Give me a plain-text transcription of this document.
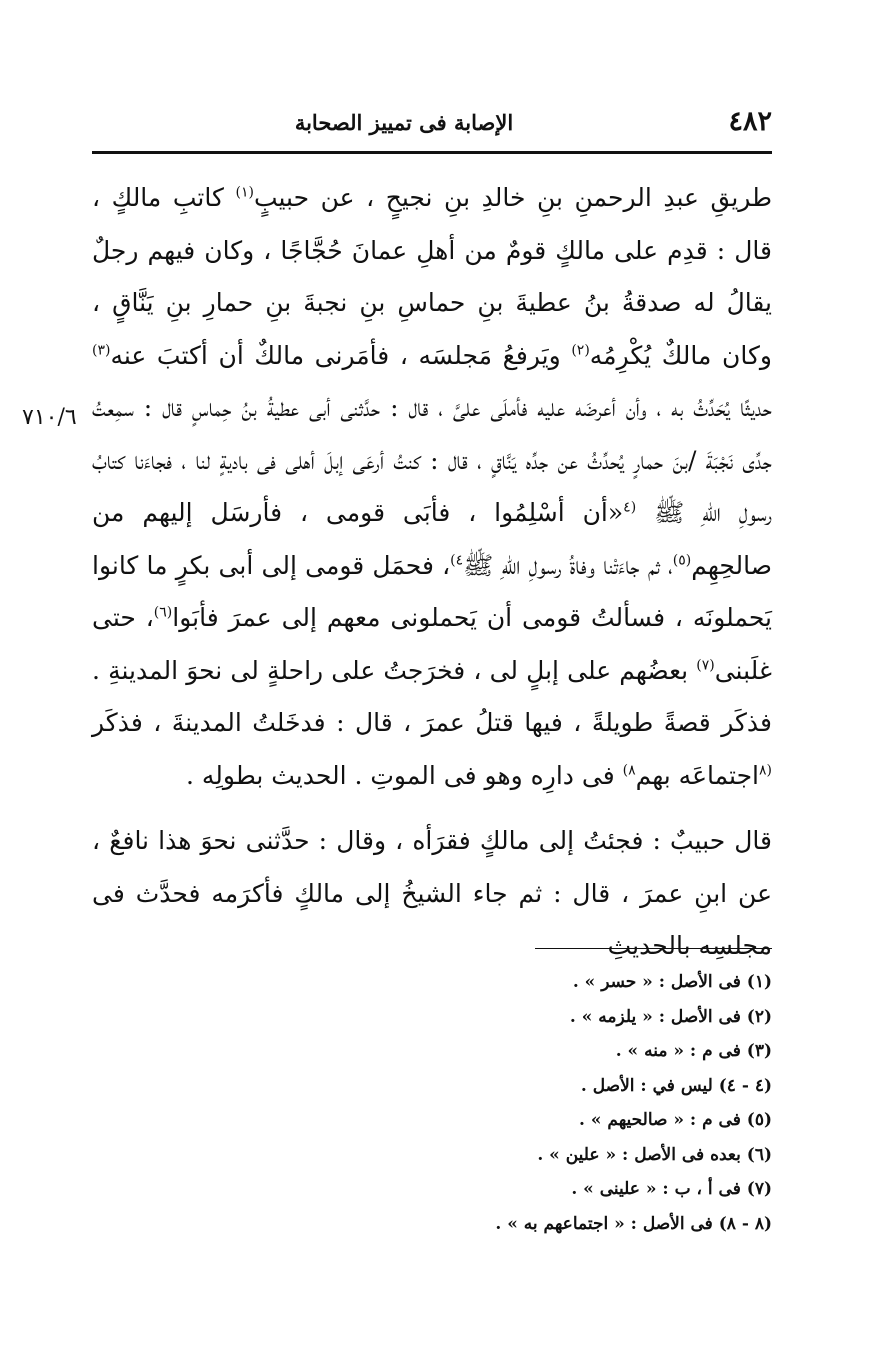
٤٨٢
الإصابة فى تمييز الصحابة
٧١٠/٦

طريقِ عبدِ الرحمنِ بنِ خالدِ بنِ نجيحٍ ، عن حبيبٍ$^{(١)}$ كاتبِ مالكٍ ، قال : قدِم على مالكٍ قومٌ من أهلِ عمانَ حُجَّاجًا ، وكان فيهم رجلٌ يقالُ له صدقةُ بنُ عطيةَ بنِ حماسِ بنِ نجبةَ بنِ حمارِ بنِ يَنَّاقٍ ، وكان مالكٌ يُكْرِمُه$^{(٢)}$ ويَرفعُ مَجلسَه ، فأمَرنى مالكٌ أن أكتبَ عنه$^{(٣)}$ حديثًا يُحَدِّثُ به ، وأن أعرضَه عليه فأملَى علىَّ ، قال : حدَّثنى أبى عطيةُ بنُ حِماسٍ قال : سمِعتُ جدِّى نَجْبَةَ /بنَ حمارٍ يُحدِّثُ عن جدِّه يَنَّاقٍ ، قال : كنتُ أرعَى إبلَ أهلى فى باديةٍ لنا ، فجاءَنا كتابُ رسولِ اللهِ ﷺ $^{(٤}$«أن أسْلِمُوا ، فأبَى قومى ، فأرسَل إليهم من صالحِهِم$^{(٥)}$، ثم جاءَتْنا وفاةُ رسولِ اللهِ ﷺ$^{٤)}$، فحمَل قومى إلى أبى بكرٍ ما كانوا يَحملونَه ، فسألتُ قومى أن يَحملونى معهم إلى عمرَ فأبَوا$^{(٦)}$، حتى غلَبنى$^{(٧)}$ بعضُهم على إبلٍ لى ، فخرَجتُ على راحلةٍ لى نحوَ المدينةِ . فذكَر قصةً طويلةً ، فيها قتلُ عمرَ ، قال : فدخَلتُ المدينةَ ، فذكَر $^{(٨}$اجتماعَه بهم$^{٨)}$ فى دارِه وهو فى الموتِ . الحديث بطولِه .

قال حبيبٌ : فجئتُ إلى مالكٍ فقرَأه ، وقال : حدَّثنى نحوَ هذا نافعٌ ، عن ابنِ عمرَ ، قال : ثم جاء الشيخُ إلى مالكٍ فأكرَمه فحدَّث فى مجلسِه بالحديثِ

(١) فى الأصل : « حسر » .
(٢) فى الأصل : « يلزمه » .
(٣) فى م : « منه » .
(٤ - ٤) ليس في : الأصل .
(٥) فى م : « صالحيهم » .
(٦) بعده فى الأصل : « علين » .
(٧) فى أ ، ب : « علينى » .
(٨ - ٨) فى الأصل : « اجتماعهم به » .
